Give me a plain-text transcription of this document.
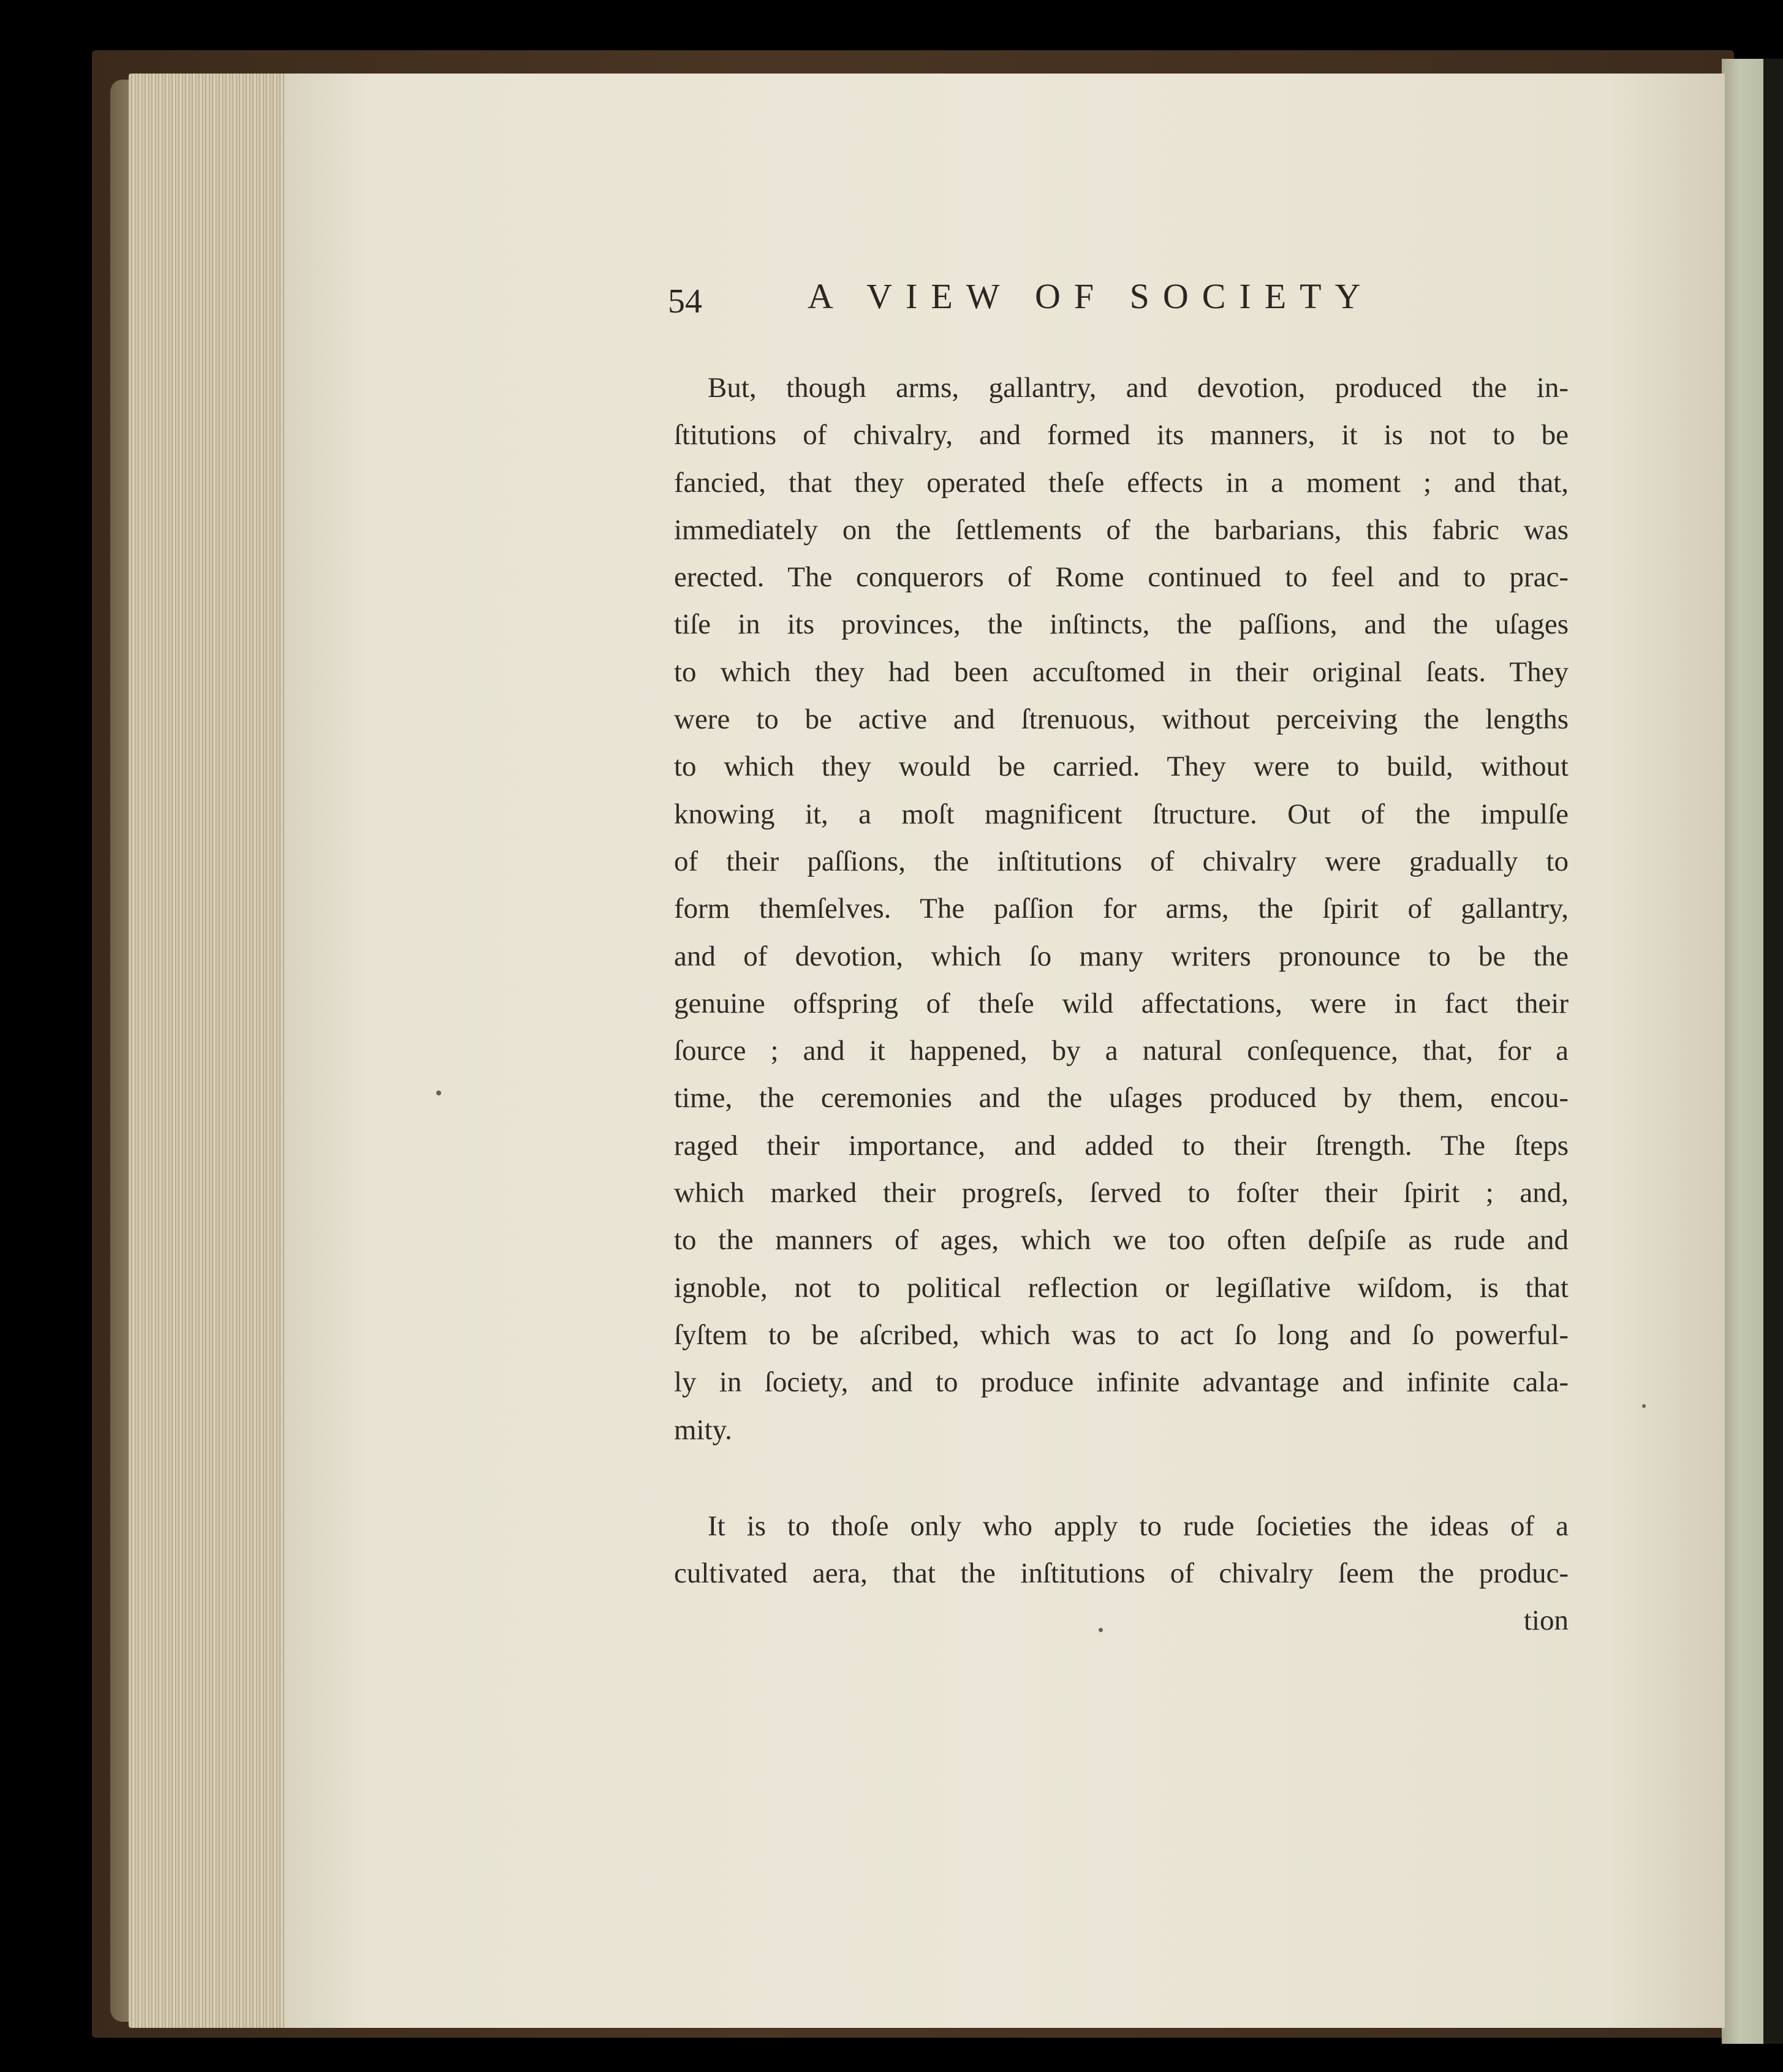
54	A VIEW OF SOCIETY
But, though arms, gallantry, and devotion, produced the in-
ſtitutions of chivalry, and formed its manners, it is not to be
fancied, that they operated theſe effects in a moment ; and that,
immediately on the ſettlements of the barbarians, this fabric was
erected. The conquerors of Rome continued to feel and to prac-
tiſe in its provinces, the inſtincts, the paſſions, and the uſages
to which they had been accuſtomed in their original ſeats. They
were to be active and ſtrenuous, without perceiving the lengths
to which they would be carried. They were to build, without
knowing it, a moſt magnificent ſtructure. Out of the impulſe
of their paſſions, the inſtitutions of chivalry were gradually to
form themſelves. The paſſion for arms, the ſpirit of gallantry,
and of devotion, which ſo many writers pronounce to be the
genuine offspring of theſe wild affectations, were in fact their
ſource ; and it happened, by a natural conſequence, that, for a
time, the ceremonies and the uſages produced by them, encou-
raged their importance, and added to their ſtrength. The ſteps
which marked their progreſs, ſerved to foſter their ſpirit ; and,
to the manners of ages, which we too often deſpiſe as rude and
ignoble, not to political reflection or legiſlative wiſdom, is that
ſyſtem to be aſcribed, which was to act ſo long and ſo powerful-
ly in ſociety, and to produce infinite advantage and infinite cala-
mity.
It is to thoſe only who apply to rude ſocieties the ideas of a
cultivated aera, that the inſtitutions of chivalry ſeem the produc-
tion
